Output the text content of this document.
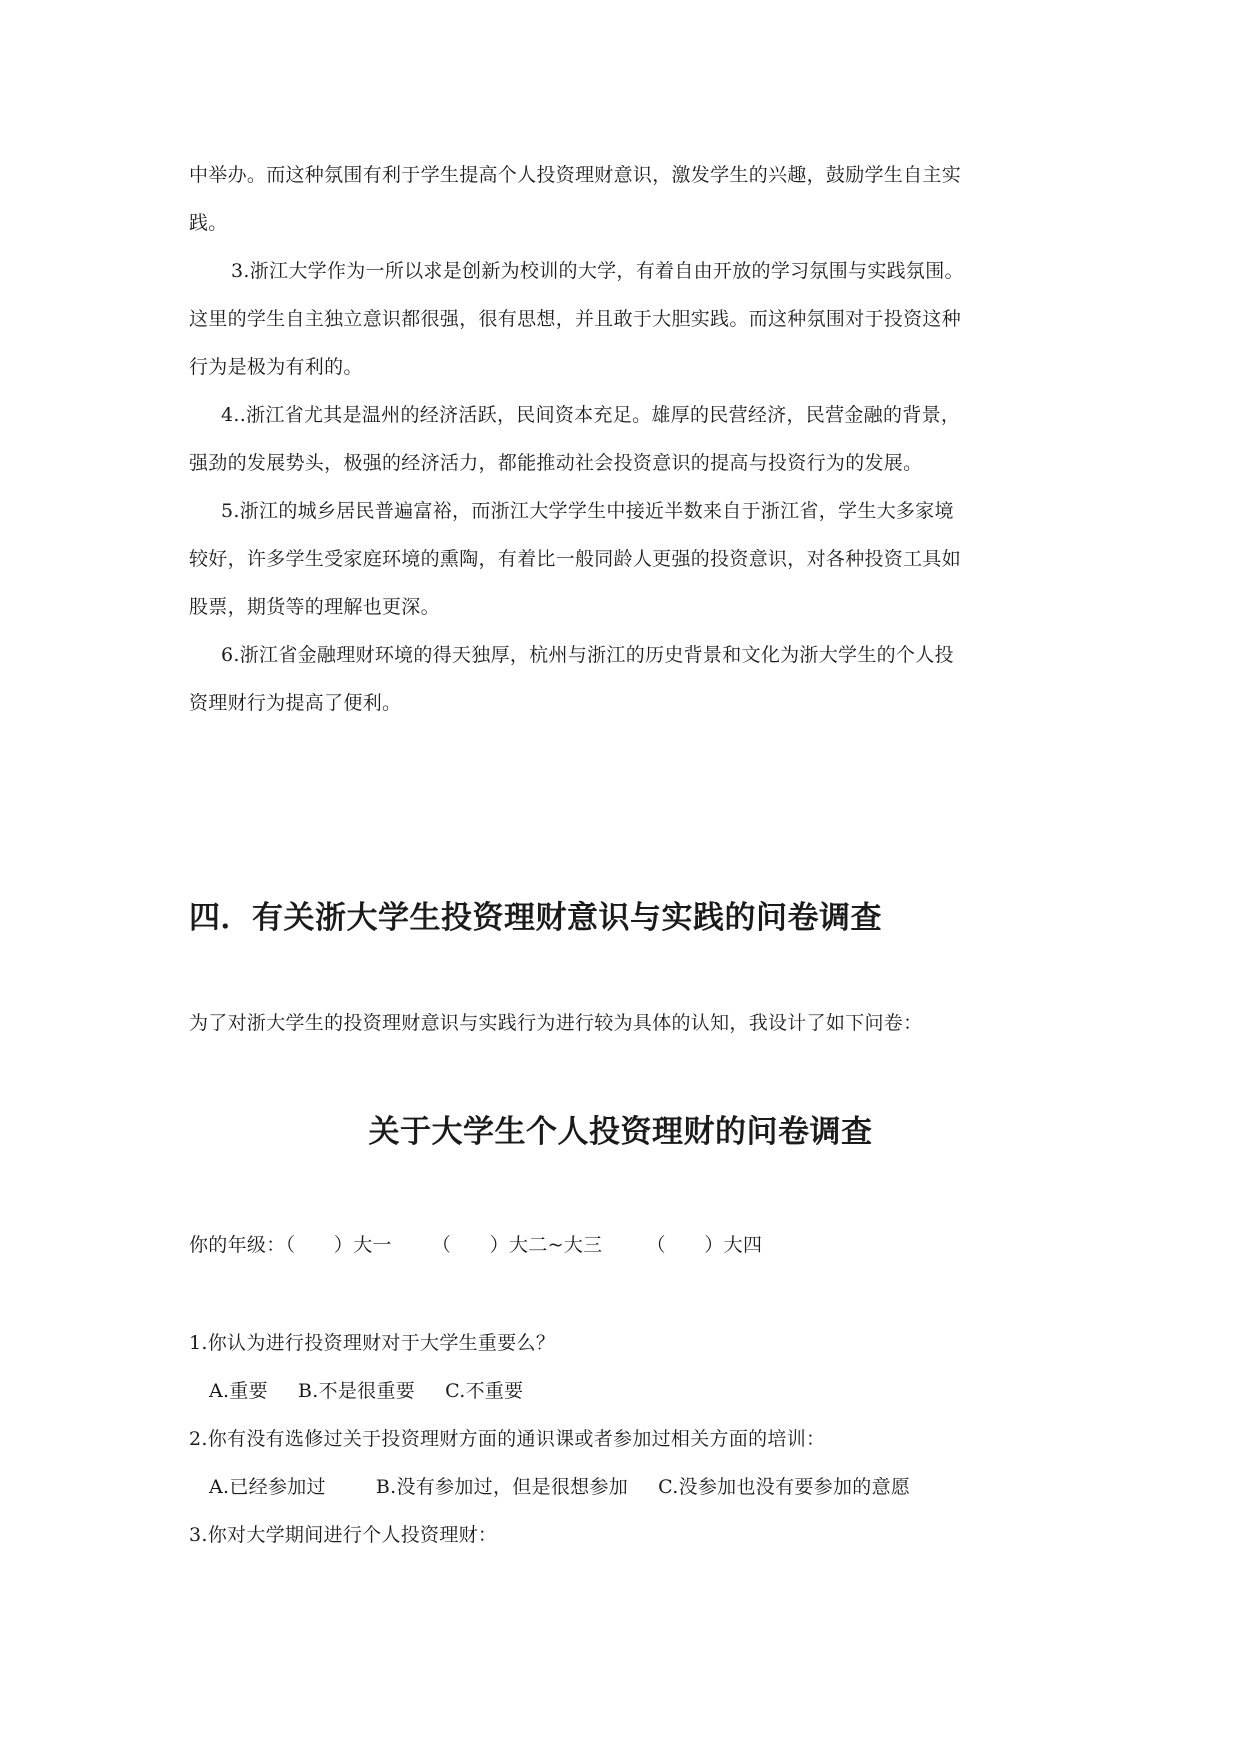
中举办。而这种氛围有利于学生提高个人投资理财意识，激发学生的兴趣，鼓励学生自主实
践。
3.浙江大学作为一所以求是创新为校训的大学，有着自由开放的学习氛围与实践氛围。
这里的学生自主独立意识都很强，很有思想，并且敢于大胆实践。而这种氛围对于投资这种
行为是极为有利的。
4..浙江省尤其是温州的经济活跃，民间资本充足。雄厚的民营经济，民营金融的背景，
强劲的发展势头，极强的经济活力，都能推动社会投资意识的提高与投资行为的发展。
5.浙江的城乡居民普遍富裕，而浙江大学学生中接近半数来自于浙江省，学生大多家境
较好，许多学生受家庭环境的熏陶，有着比一般同龄人更强的投资意识，对各种投资工具如
股票，期货等的理解也更深。
6.浙江省金融理财环境的得天独厚，杭州与浙江的历史背景和文化为浙大学生的个人投
资理财行为提高了便利。
四．有关浙大学生投资理财意识与实践的问卷调查
为了对浙大学生的投资理财意识与实践行为进行较为具体的认知，我设计了如下问卷：
关于大学生个人投资理财的问卷调查
你的年级：（　　）大一 （　　）大二~大三 （　　）大四
1.你认为进行投资理财对于大学生重要么？
A.重要 B.不是很重要 C.不重要
2.你有没有选修过关于投资理财方面的通识课或者参加过相关方面的培训：
A.已经参加过	B.没有参加过，但是很想参加 C.没参加也没有要参加的意愿
3.你对大学期间进行个人投资理财：
